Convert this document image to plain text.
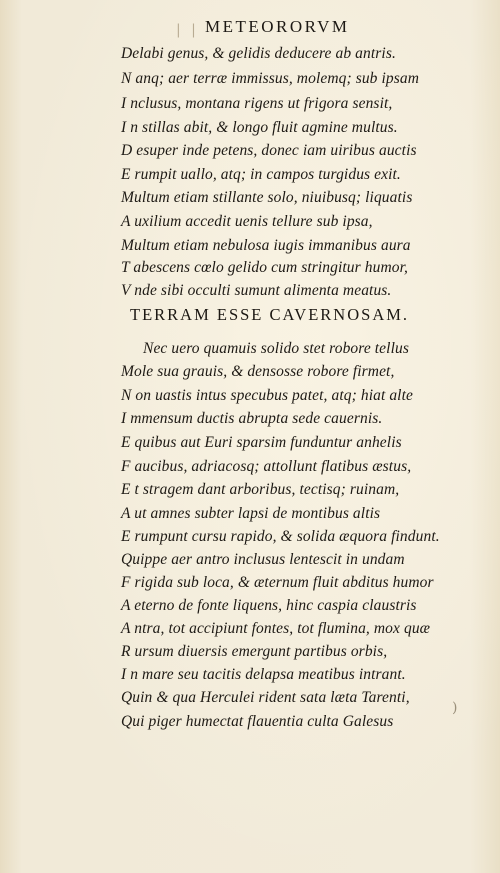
| | METEORORVM
Delabi genus, & gelidis deducere ab antris.
N anq; aer terræ immissus, molemq; sub ipsam
I nclusus, montana rigens ut frigora sensit,
I n stillas abit, & longo fluit agmine multus.
D esuper inde petens, donec iam uiribus auctis
E rumpit uallo, atq; in campos turgidus exit.
Multum etiam stillante solo, niuibusq; liquatis
A uxilium accedit uenis tellure sub ipsa,
Multum etiam nebulosa iugis immanibus aura
T abescens cœlo gelido cum stringitur humor,
V nde sibi occulti sumunt alimenta meatus.
TERRAM ESSE CAVERNOSAM.
Nec uero quamuis solido stet robore tellus
Mole sua grauis, & densosse robore firmet,
N on uastis intus specubus patet, atq; hiat alte
I mmensum ductis abrupta sede cauernis.
E quibus aut Euri sparsim funduntur anhelis
F aucibus, adriacosq; attollunt flatibus æstus,
E t stragem dant arboribus, tectisq; ruinam,
A ut amnes subter lapsi de montibus altis
E rumpunt cursu rapido, & solida æquora findunt.
Quippe aer antro inclusus lentescit in undam
F rigida sub loca, & æternum fluit abditus humor
A eterno de fonte liquens, hinc caspia claustris
A ntra, tot accipiunt fontes, tot flumina, mox quæ
R ursum diuersis emergunt partibus orbis,
I n mare seu tacitis delapsa meatibus intrant.
Quin & qua Herculei rident sata læta Tarenti,
Qui piger humectat flauentia culta Galesus
)
